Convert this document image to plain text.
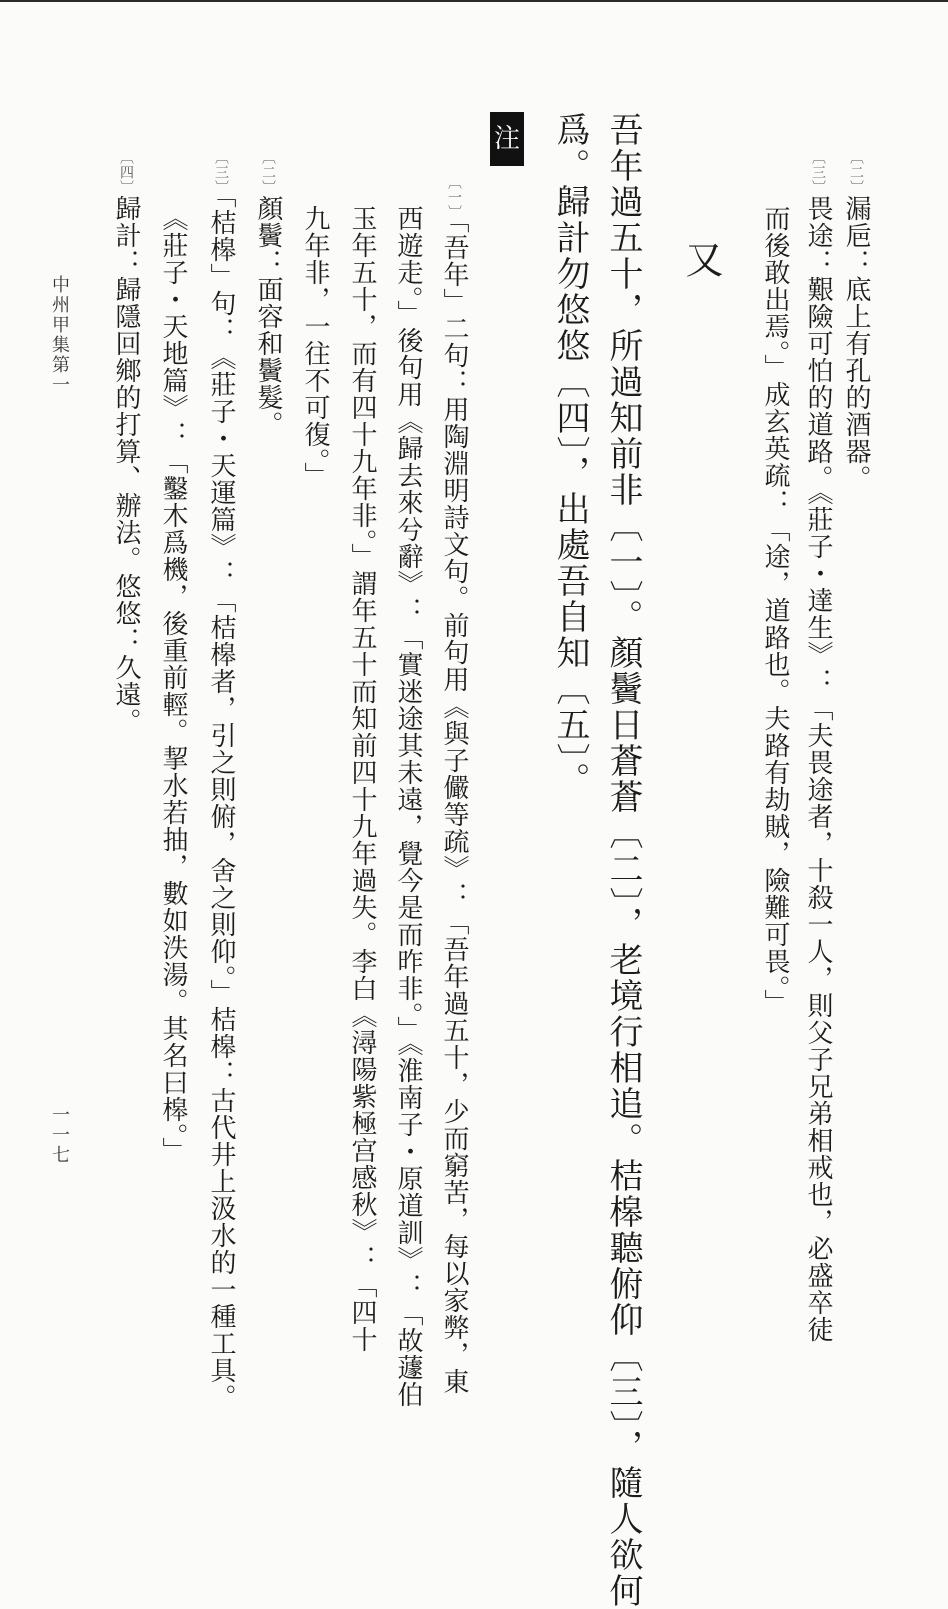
〔二〕漏巵：底上有孔的酒器。
〔三〕畏途：艱險可怕的道路。《莊子・達生》：「夫畏途者，十殺一人，則父子兄弟相戒也，必盛卒徒
而後敢出焉。」成玄英疏：「途，道路也。夫路有劫賊，險難可畏。」
又
吾年過五十，所過知前非〔一〕。顏鬢日蒼蒼〔二〕，老境行相追。桔槔聽俯仰〔三〕，隨人欲何
爲。歸計勿悠悠〔四〕，出處吾自知〔五〕。
注
〔一〕「吾年」二句：用陶淵明詩文句。前句用《與子儼等疏》：「吾年過五十，少而窮苦，每以家弊，東
西遊走。」後句用《歸去來兮辭》：「實迷途其未遠，覺今是而昨非。」《淮南子・原道訓》：「故蘧伯
玉年五十，而有四十九年非。」謂年五十而知前四十九年過失。李白《潯陽紫極宫感秋》：「四十
九年非，一往不可復。」
〔二〕顏鬢：面容和鬢髮。
〔三〕「桔槔」句：《莊子・天運篇》：「桔槔者，引之則俯，舍之則仰。」桔槔：古代井上汲水的一種工具。
《莊子・天地篇》：「鑿木爲機，後重前輕。挈水若抽，數如泆湯。其名曰槔。」
〔四〕歸計：歸隱回鄉的打算、辦法。悠悠：久遠。
中州甲集第一
一一七
